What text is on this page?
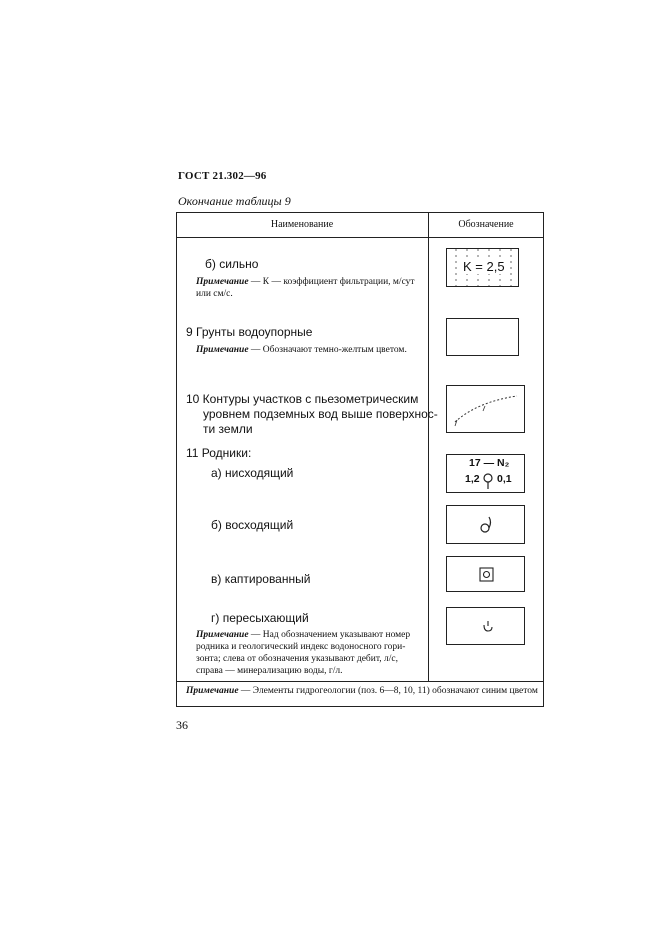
ГОСТ 21.302—96
Окончание таблицы 9
Наименование	Обозначение
б) сильно
Примечание — К — коэффициент фильтрации, м/сут или см/с.
K = 2,5
9 Грунты водоупорные
Примечание — Обозначают темно-желтым цветом.
10 Контуры участков с пьезометрическим
уровнем подземных вод выше поверхнос-
ти земли
11 Родники:
а) нисходящий
17 — N₂
1,2 0,1
б) восходящий
в) каптированный
г) пересыхающий
Примечание — Над обозначением указывают номер
родника и геологический индекс водоносного гори-
зонта; слева от обозначения указывают дебит, л/с,
справа — минерализацию воды, г/л.
Примечание — Элементы гидрогеологии (поз. 6—8, 10, 11) обозначают синим цветом
36
